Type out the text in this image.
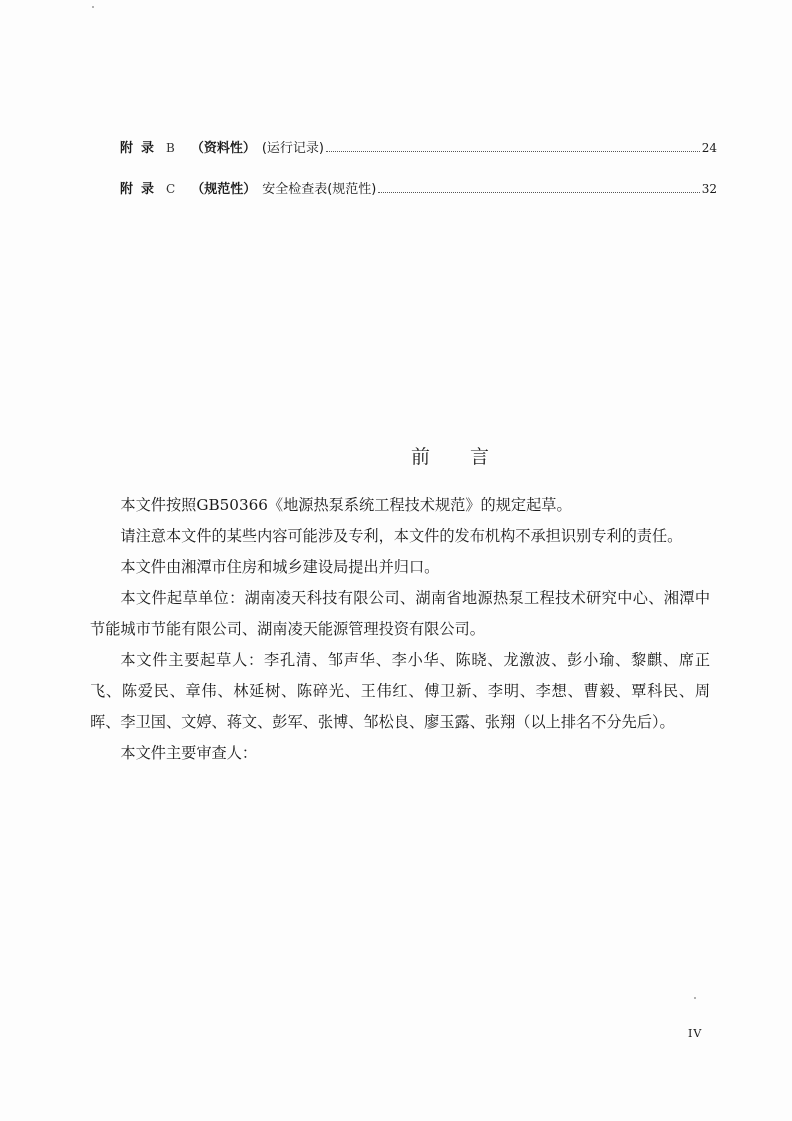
附录 B （资料性） (运行记录)	24
附录 C （规范性） 安全检查表(规范性)	32
前言

本文件按照GB50366《地源热泵系统工程技术规范》的规定起草。

请注意本文件的某些内容可能涉及专利，本文件的发布机构不承担识别专利的责任。

本文件由湘潭市住房和城乡建设局提出并归口。

本文件起草单位：湖南凌天科技有限公司、湖南省地源热泵工程技术研究中心、湘潭中节能城市节能有限公司、湖南凌天能源管理投资有限公司。

本文件主要起草人：李孔清、邹声华、李小华、陈晓、龙激波、彭小瑜、黎麒、席正飞、陈爱民、章伟、林延树、陈碎光、王伟红、傅卫新、李明、李想、曹毅、覃科民、周晖、李卫国、文婷、蒋文、彭军、张博、邹松良、廖玉露、张翔（以上排名不分先后）。

本文件主要审查人：

IV
